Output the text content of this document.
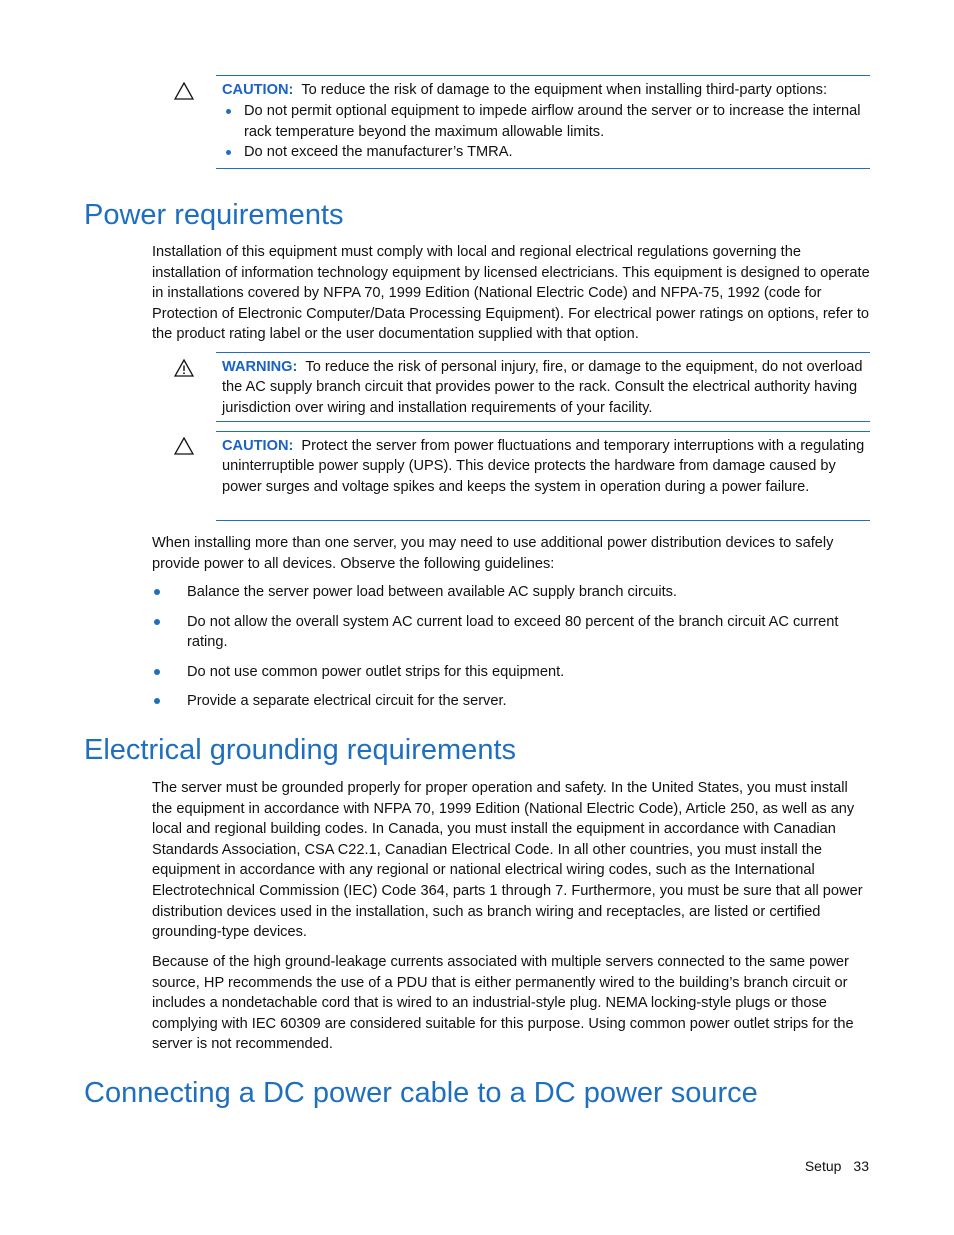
CAUTION: To reduce the risk of damage to the equipment when installing third-party options:
Do not permit optional equipment to impede airflow around the server or to increase the internal rack temperature beyond the maximum allowable limits.
Do not exceed the manufacturer’s TMRA.
Power requirements

Installation of this equipment must comply with local and regional electrical regulations governing the installation of information technology equipment by licensed electricians. This equipment is designed to operate in installations covered by NFPA 70, 1999 Edition (National Electric Code) and NFPA-75, 1992 (code for Protection of Electronic Computer/Data Processing Equipment). For electrical power ratings on options, refer to the product rating label or the user documentation supplied with that option.

WARNING: To reduce the risk of personal injury, fire, or damage to the equipment, do not overload the AC supply branch circuit that provides power to the rack. Consult the electrical authority having jurisdiction over wiring and installation requirements of your facility.
CAUTION: Protect the server from power fluctuations and temporary interruptions with a regulating uninterruptible power supply (UPS). This device protects the hardware from damage caused by power surges and voltage spikes and keeps the system in operation during a power failure.

When installing more than one server, you may need to use additional power distribution devices to safely provide power to all devices. Observe the following guidelines:

Balance the server power load between available AC supply branch circuits.
Do not allow the overall system AC current load to exceed 80 percent of the branch circuit AC current rating.
Do not use common power outlet strips for this equipment.
Provide a separate electrical circuit for the server.
Electrical grounding requirements

The server must be grounded properly for proper operation and safety. In the United States, you must install the equipment in accordance with NFPA 70, 1999 Edition (National Electric Code), Article 250, as well as any local and regional building codes. In Canada, you must install the equipment in accordance with Canadian Standards Association, CSA C22.1, Canadian Electrical Code. In all other countries, you must install the equipment in accordance with any regional or national electrical wiring codes, such as the International Electrotechnical Commission (IEC) Code 364, parts 1 through 7. Furthermore, you must be sure that all power distribution devices used in the installation, such as branch wiring and receptacles, are listed or certified grounding-type devices.

Because of the high ground-leakage currents associated with multiple servers connected to the same power source, HP recommends the use of a PDU that is either permanently wired to the building’s branch circuit or includes a nondetachable cord that is wired to an industrial-style plug. NEMA locking-style plugs or those complying with IEC 60309 are considered suitable for this purpose. Using common power outlet strips for the server is not recommended.

Connecting a DC power cable to a DC power source
Setup 33
